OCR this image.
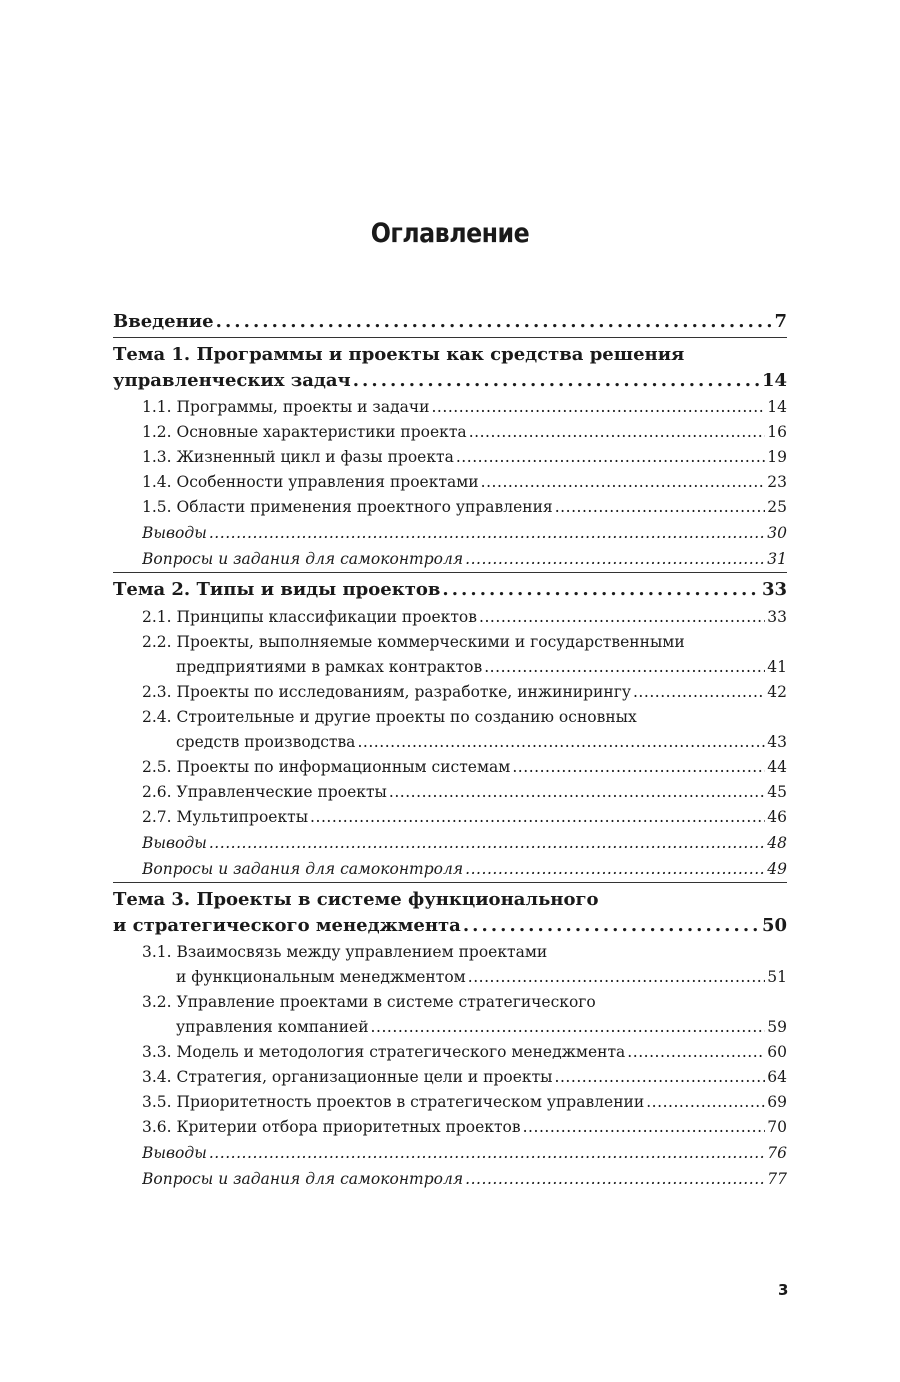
Оглавление
Введение . . .	7
Тема 1. Программы и проекты как средства решения
управленческих задач . . .	14
1.1. Программы, проекты и задачи . . .	14
1.2. Основные характеристики проекта . . .	16
1.3. Жизненный цикл и фазы проекта . . .	19
1.4. Особенности управления проектами . . .	23
1.5. Области применения проектного управления . . .	25
Выводы . . .	30
Вопросы и задания для самоконтроля . . .	31
Тема 2. Типы и виды проектов . . .	33
2.1. Принципы классификации проектов . . .	33
2.2. Проекты, выполняемые коммерческими и государственными
предприятиями в рамках контрактов . . .	41
2.3. Проекты по исследованиям, разработке, инжинирингу . . .	42
2.4. Строительные и другие проекты по созданию основных
средств производства . . .	43
2.5. Проекты по информационным системам . . .	44
2.6. Управленческие проекты . . .	45
2.7. Мультипроекты . . .	46
Выводы . . .	48
Вопросы и задания для самоконтроля . . .	49
Тема 3. Проекты в системе функционального
и стратегического менеджмента . . .	50
3.1. Взаимосвязь между управлением проектами
и функциональным менеджментом . . .	51
3.2. Управление проектами в системе стратегического
управления компанией . . .	59
3.3. Модель и методология стратегического менеджмента . . .	60
3.4. Стратегия, организационные цели и проекты . . .	64
3.5. Приоритетность проектов в стратегическом управлении . . .	69
3.6. Критерии отбора приоритетных проектов . . .	70
Выводы . . .	76
Вопросы и задания для самоконтроля . . .	77
3
